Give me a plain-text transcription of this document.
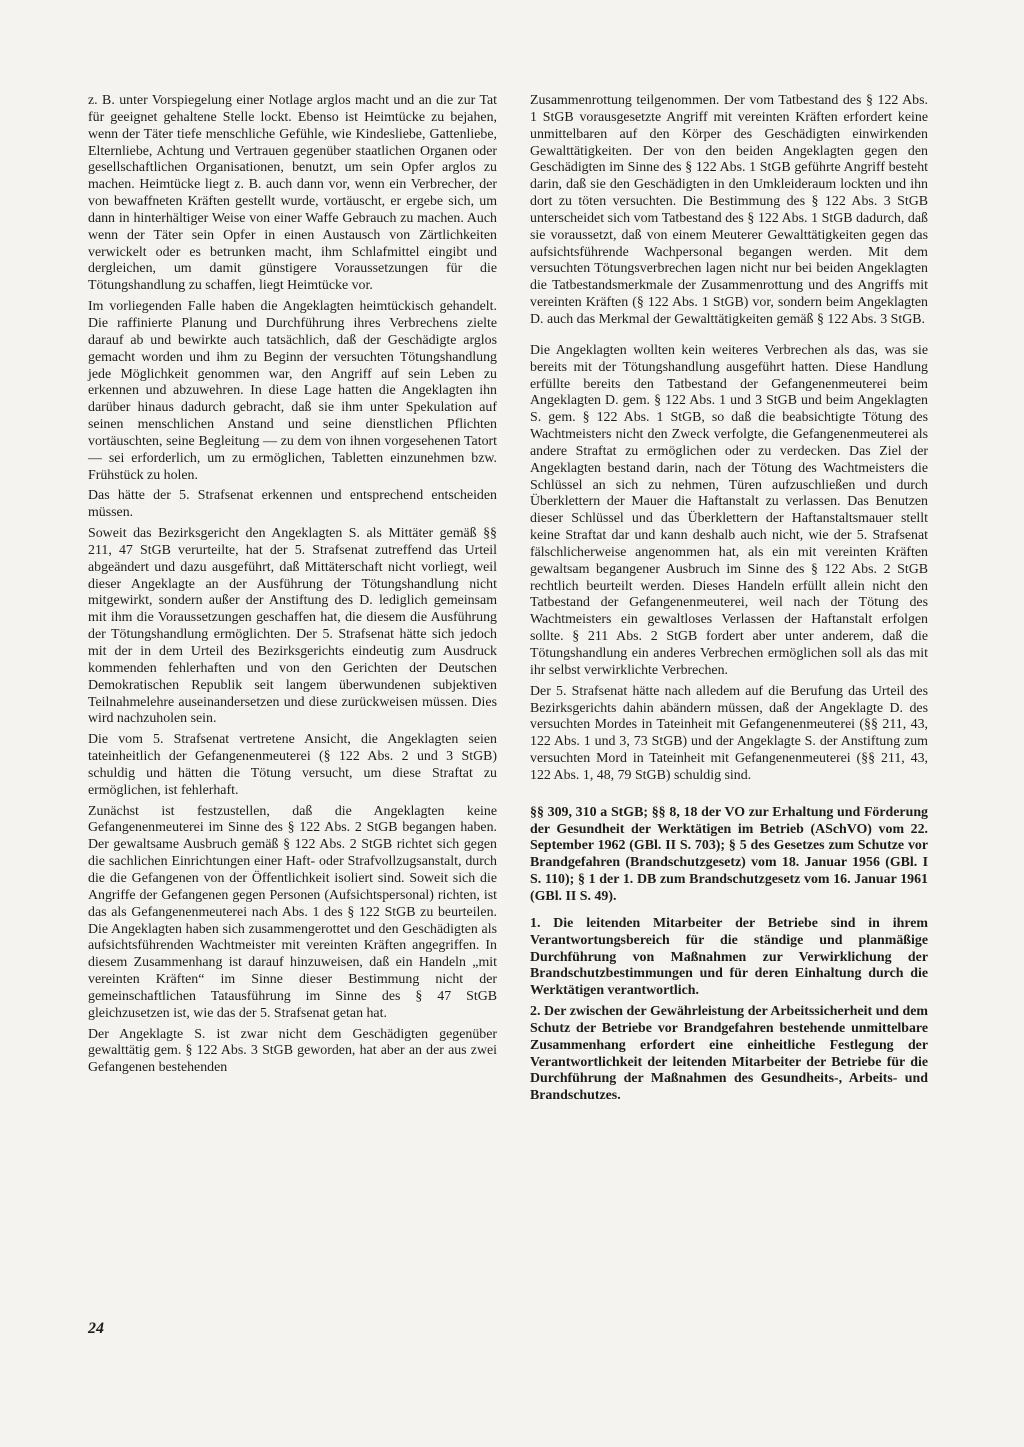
z. B. unter Vorspiegelung einer Notlage arglos macht und an die zur Tat für geeignet gehaltene Stelle lockt. Ebenso ist Heimtücke zu bejahen, wenn der Täter tiefe menschliche Gefühle, wie Kindesliebe, Gattenliebe, Elternliebe, Achtung und Vertrauen gegenüber staatlichen Organen oder gesellschaftlichen Organisationen, benutzt, um sein Opfer arglos zu machen. Heimtücke liegt z. B. auch dann vor, wenn ein Verbrecher, der von bewaffneten Kräften gestellt wurde, vortäuscht, er ergebe sich, um dann in hinterhältiger Weise von einer Waffe Gebrauch zu machen. Auch wenn der Täter sein Opfer in einen Austausch von Zärtlichkeiten verwickelt oder es betrunken macht, ihm Schlafmittel eingibt und dergleichen, um damit günstigere Voraussetzungen für die Tötungshandlung zu schaffen, liegt Heimtücke vor.

Im vorliegenden Falle haben die Angeklagten heimtückisch gehandelt. Die raffinierte Planung und Durchführung ihres Verbrechens zielte darauf ab und bewirkte auch tatsächlich, daß der Geschädigte arglos gemacht worden und ihm zu Beginn der versuchten Tötungshandlung jede Möglichkeit genommen war, den Angriff auf sein Leben zu erkennen und abzuwehren. In diese Lage hatten die Angeklagten ihn darüber hinaus dadurch gebracht, daß sie ihm unter Spekulation auf seinen menschlichen Anstand und seine dienstlichen Pflichten vortäuschten, seine Begleitung — zu dem von ihnen vorgesehenen Tatort — sei erforderlich, um zu ermöglichen, Tabletten einzunehmen bzw. Frühstück zu holen.

Das hätte der 5. Strafsenat erkennen und entsprechend entscheiden müssen.

Soweit das Bezirksgericht den Angeklagten S. als Mittäter gemäß §§ 211, 47 StGB verurteilte, hat der 5. Strafsenat zutreffend das Urteil abgeändert und dazu ausgeführt, daß Mittäterschaft nicht vorliegt, weil dieser Angeklagte an der Ausführung der Tötungshandlung nicht mitgewirkt, sondern außer der Anstiftung des D. lediglich gemeinsam mit ihm die Voraussetzungen geschaffen hat, die diesem die Ausführung der Tötungshandlung ermöglichten. Der 5. Strafsenat hätte sich jedoch mit der in dem Urteil des Bezirksgerichts eindeutig zum Ausdruck kommenden fehlerhaften und von den Gerichten der Deutschen Demokratischen Republik seit langem überwundenen subjektiven Teilnahmelehre auseinandersetzen und diese zurückweisen müssen. Dies wird nachzuholen sein.

Die vom 5. Strafsenat vertretene Ansicht, die Angeklagten seien tateinheitlich der Gefangenenmeuterei (§ 122 Abs. 2 und 3 StGB) schuldig und hätten die Tötung versucht, um diese Straftat zu ermöglichen, ist fehlerhaft.

Zunächst ist festzustellen, daß die Angeklagten keine Gefangenenmeuterei im Sinne des § 122 Abs. 2 StGB begangen haben. Der gewaltsame Ausbruch gemäß § 122 Abs. 2 StGB richtet sich gegen die sachlichen Einrichtungen einer Haft- oder Strafvollzugsanstalt, durch die die Gefangenen von der Öffentlichkeit isoliert sind. Soweit sich die Angriffe der Gefangenen gegen Personen (Aufsichtspersonal) richten, ist das als Gefangenenmeuterei nach Abs. 1 des § 122 StGB zu beurteilen. Die Angeklagten haben sich zusammengerottet und den Geschädigten als aufsichtsführenden Wachtmeister mit vereinten Kräften angegriffen. In diesem Zusammenhang ist darauf hinzuweisen, daß ein Handeln „mit vereinten Kräften“ im Sinne dieser Bestimmung nicht der gemeinschaftlichen Tatausführung im Sinne des § 47 StGB gleichzusetzen ist, wie das der 5. Strafsenat getan hat.

Der Angeklagte S. ist zwar nicht dem Geschädigten gegenüber gewalttätig gem. § 122 Abs. 3 StGB geworden, hat aber an der aus zwei Gefangenen bestehenden

Zusammenrottung teilgenommen. Der vom Tatbestand des § 122 Abs. 1 StGB vorausgesetzte Angriff mit vereinten Kräften erfordert keine unmittelbaren auf den Körper des Geschädigten einwirkenden Gewalttätigkeiten. Der von den beiden Angeklagten gegen den Geschädigten im Sinne des § 122 Abs. 1 StGB geführte Angriff besteht darin, daß sie den Geschädigten in den Umkleideraum lockten und ihn dort zu töten versuchten. Die Bestimmung des § 122 Abs. 3 StGB unterscheidet sich vom Tatbestand des § 122 Abs. 1 StGB dadurch, daß sie voraussetzt, daß von einem Meuterer Gewalttätigkeiten gegen das aufsichtsführende Wachpersonal begangen werden. Mit dem versuchten Tötungsverbrechen lagen nicht nur bei beiden Angeklagten die Tatbestandsmerkmale der Zusammenrottung und des Angriffs mit vereinten Kräften (§ 122 Abs. 1 StGB) vor, sondern beim Angeklagten D. auch das Merkmal der Gewalttätigkeiten gemäß § 122 Abs. 3 StGB.

Die Angeklagten wollten kein weiteres Verbrechen als das, was sie bereits mit der Tötungshandlung ausgeführt hatten. Diese Handlung erfüllte bereits den Tatbestand der Gefangenenmeuterei beim Angeklagten D. gem. § 122 Abs. 1 und 3 StGB und beim Angeklagten S. gem. § 122 Abs. 1 StGB, so daß die beabsichtigte Tötung des Wachtmeisters nicht den Zweck verfolgte, die Gefangenenmeuterei als andere Straftat zu ermöglichen oder zu verdecken. Das Ziel der Angeklagten bestand darin, nach der Tötung des Wachtmeisters die Schlüssel an sich zu nehmen, Türen aufzuschließen und durch Überklettern der Mauer die Haftanstalt zu verlassen. Das Benutzen dieser Schlüssel und das Überklettern der Haftanstaltsmauer stellt keine Straftat dar und kann deshalb auch nicht, wie der 5. Strafsenat fälschlicherweise angenommen hat, als ein mit vereinten Kräften gewaltsam begangener Ausbruch im Sinne des § 122 Abs. 2 StGB rechtlich beurteilt werden. Dieses Handeln erfüllt allein nicht den Tatbestand der Gefangenenmeuterei, weil nach der Tötung des Wachtmeisters ein gewaltloses Verlassen der Haftanstalt erfolgen sollte. § 211 Abs. 2 StGB fordert aber unter anderem, daß die Tötungshandlung ein anderes Verbrechen ermöglichen soll als das mit ihr selbst verwirklichte Verbrechen.

Der 5. Strafsenat hätte nach alledem auf die Berufung das Urteil des Bezirksgerichts dahin abändern müssen, daß der Angeklagte D. des versuchten Mordes in Tateinheit mit Gefangenenmeuterei (§§ 211, 43, 122 Abs. 1 und 3, 73 StGB) und der Angeklagte S. der Anstiftung zum versuchten Mord in Tateinheit mit Gefangenenmeuterei (§§ 211, 43, 122 Abs. 1, 48, 79 StGB) schuldig sind.

§§ 309, 310 a StGB; §§ 8, 18 der VO zur Erhaltung und Förderung der Gesundheit der Werktätigen im Betrieb (ASchVO) vom 22. September 1962 (GBl. II S. 703); § 5 des Gesetzes zum Schutze vor Brandgefahren (Brandschutzgesetz) vom 18. Januar 1956 (GBl. I S. 110); § 1 der 1. DB zum Brandschutzgesetz vom 16. Januar 1961 (GBl. II S. 49).

1. Die leitenden Mitarbeiter der Betriebe sind in ihrem Verantwortungsbereich für die ständige und planmäßige Durchführung von Maßnahmen zur Verwirklichung der Brandschutzbestimmungen und für deren Einhaltung durch die Werktätigen verantwortlich.

2. Der zwischen der Gewährleistung der Arbeitssicherheit und dem Schutz der Betriebe vor Brandgefahren bestehende unmittelbare Zusammenhang erfordert eine einheitliche Festlegung der Verantwortlichkeit der leitenden Mitarbeiter der Betriebe für die Durchführung der Maßnahmen des Gesundheits-, Arbeits- und Brandschutzes.

24
